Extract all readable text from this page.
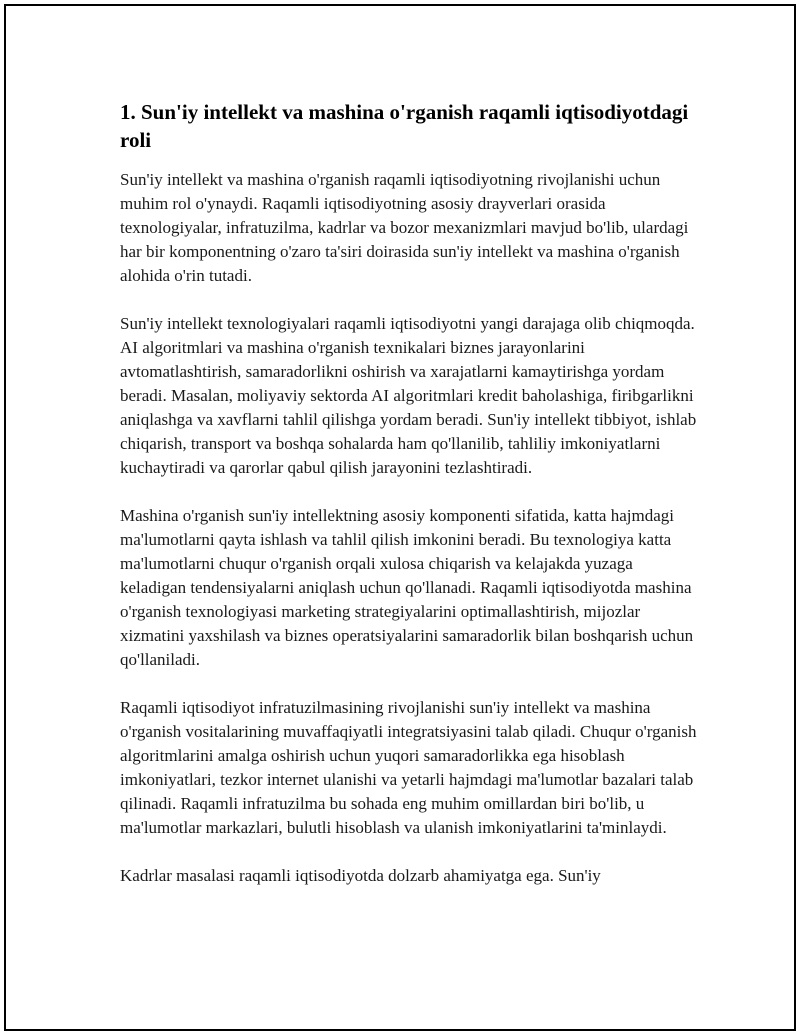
1. Sun'iy intellekt va mashina o'rganish raqamli iqtisodiyotdagi roli

Sun'iy intellekt va mashina o'rganish raqamli iqtisodiyotning rivojlanishi uchun muhim rol o'ynaydi. Raqamli iqtisodiyotning asosiy drayverlari orasida texnologiyalar, infratuzilma, kadrlar va bozor mexanizmlari mavjud bo'lib, ulardagi har bir komponentning o'zaro ta'siri doirasida sun'iy intellekt va mashina o'rganish alohida o'rin tutadi.

Sun'iy intellekt texnologiyalari raqamli iqtisodiyotni yangi darajaga olib chiqmoqda. AI algoritmlari va mashina o'rganish texnikalari biznes jarayonlarini avtomatlashtirish, samaradorlikni oshirish va xarajatlarni kamaytirishga yordam beradi. Masalan, moliyaviy sektorda AI algoritmlari kredit baholashiga, firibgarlikni aniqlashga va xavflarni tahlil qilishga yordam beradi. Sun'iy intellekt tibbiyot, ishlab chiqarish, transport va boshqa sohalarda ham qo'llanilib, tahliliy imkoniyatlarni kuchaytiradi va qarorlar qabul qilish jarayonini tezlashtiradi.

Mashina o'rganish sun'iy intellektning asosiy komponenti sifatida, katta hajmdagi ma'lumotlarni qayta ishlash va tahlil qilish imkonini beradi. Bu texnologiya katta ma'lumotlarni chuqur o'rganish orqali xulosa chiqarish va kelajakda yuzaga keladigan tendensiyalarni aniqlash uchun qo'llanadi. Raqamli iqtisodiyotda mashina o'rganish texnologiyasi marketing strategiyalarini optimallashtirish, mijozlar xizmatini yaxshilash va biznes operatsiyalarini samaradorlik bilan boshqarish uchun qo'llaniladi.

Raqamli iqtisodiyot infratuzilmasining rivojlanishi sun'iy intellekt va mashina o'rganish vositalarining muvaffaqiyatli integratsiyasini talab qiladi. Chuqur o'rganish algoritmlarini amalga oshirish uchun yuqori samaradorlikka ega hisoblash imkoniyatlari, tezkor internet ulanishi va yetarli hajmdagi ma'lumotlar bazalari talab qilinadi. Raqamli infratuzilma bu sohada eng muhim omillardan biri bo'lib, u ma'lumotlar markazlari, bulutli hisoblash va ulanish imkoniyatlarini ta'minlaydi.

Kadrlar masalasi raqamli iqtisodiyotda dolzarb ahamiyatga ega. Sun'iy
